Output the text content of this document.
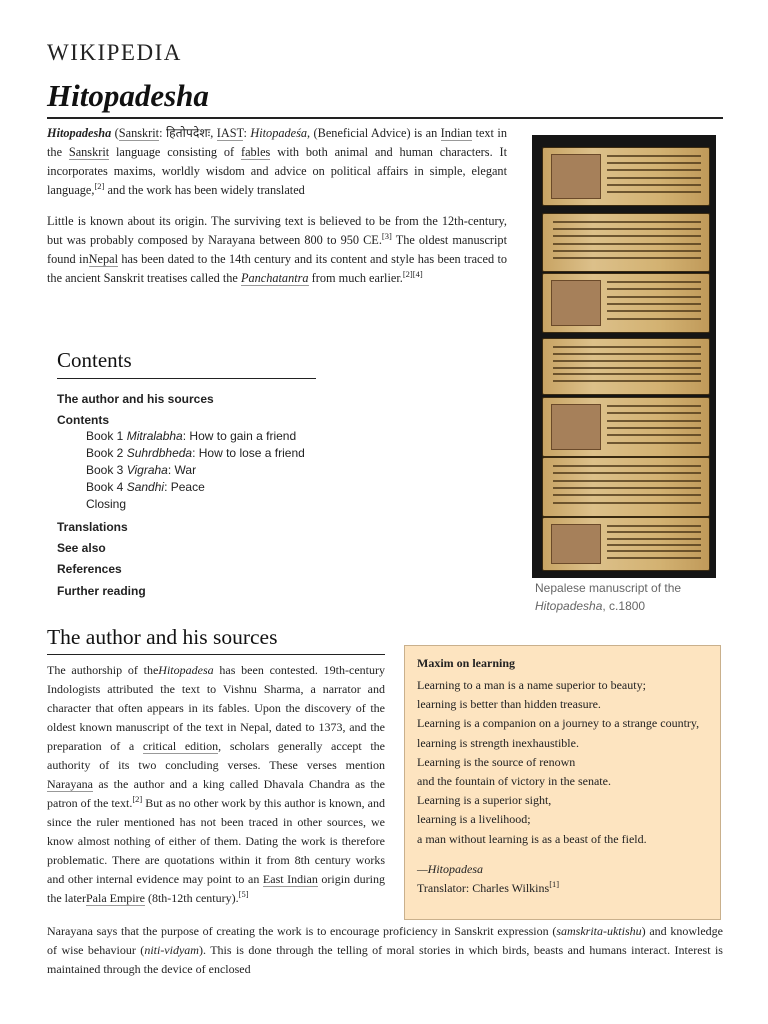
WIKIPEDIA
Hitopadesha
Hitopadesha (Sanskrit: हितोपदेशः, IAST: Hitopadeśa, (Beneficial Advice) is an Indian text in the Sanskrit language consisting of fables with both animal and human characters. It incorporates maxims, worldly wisdom and advice on political affairs in simple, elegant language,[2] and the work has been widely translated
Little is known about its origin. The surviving text is believed to be from the 12th-century, but was probably composed by Narayana between 800 to 950 CE.[3] The oldest manuscript found inNepal has been dated to the 14th century and its content and style has been traced to the ancient Sanskrit treatises called the Panchatantra from much earlier.[2][4]
Nepalese manuscript of the Hitopadesha, c.1800
Contents
The author and his sources
Contents
Book 1 Mitralabha: How to gain a friend
Book 2 Suhrdbheda: How to lose a friend
Book 3 Vigraha: War
Book 4 Sandhi: Peace
Closing
Translations
See also
References
Further reading
The author and his sources
The authorship of theHitopadesa has been contested. 19th-century Indologists attributed the text to Vishnu Sharma, a narrator and character that often appears in its fables. Upon the discovery of the oldest known manuscript of the text in Nepal, dated to 1373, and the preparation of a critical edition, scholars generally accept the authority of its two concluding verses. These verses mention Narayana as the author and a king called Dhavala Chandra as the patron of the text.[2] But as no other work by this author is known, and since the ruler mentioned has not been traced in other sources, we know almost nothing of either of them. Dating the work is therefore problematic. There are quotations within it from 8th century works and other internal evidence may point to an East Indian origin during the laterPala Empire (8th-12th century).[5]
Maxim on learning
Learning to a man is a name superior to beauty;
learning is better than hidden treasure.
Learning is a companion on a journey to a strange country,
learning is strength inexhaustible.
Learning is the source of renown
and the fountain of victory in the senate.
Learning is a superior sight,
learning is a livelihood;
a man without learning is as a beast of the field.
—Hitopadesa
Translator: Charles Wilkins[1]
Narayana says that the purpose of creating the work is to encourage proficiency in Sanskrit expression (samskrita-uktishu) and knowledge of wise behaviour (niti-vidyam). This is done through the telling of moral stories in which birds, beasts and humans interact. Interest is maintained through the device of enclosed
